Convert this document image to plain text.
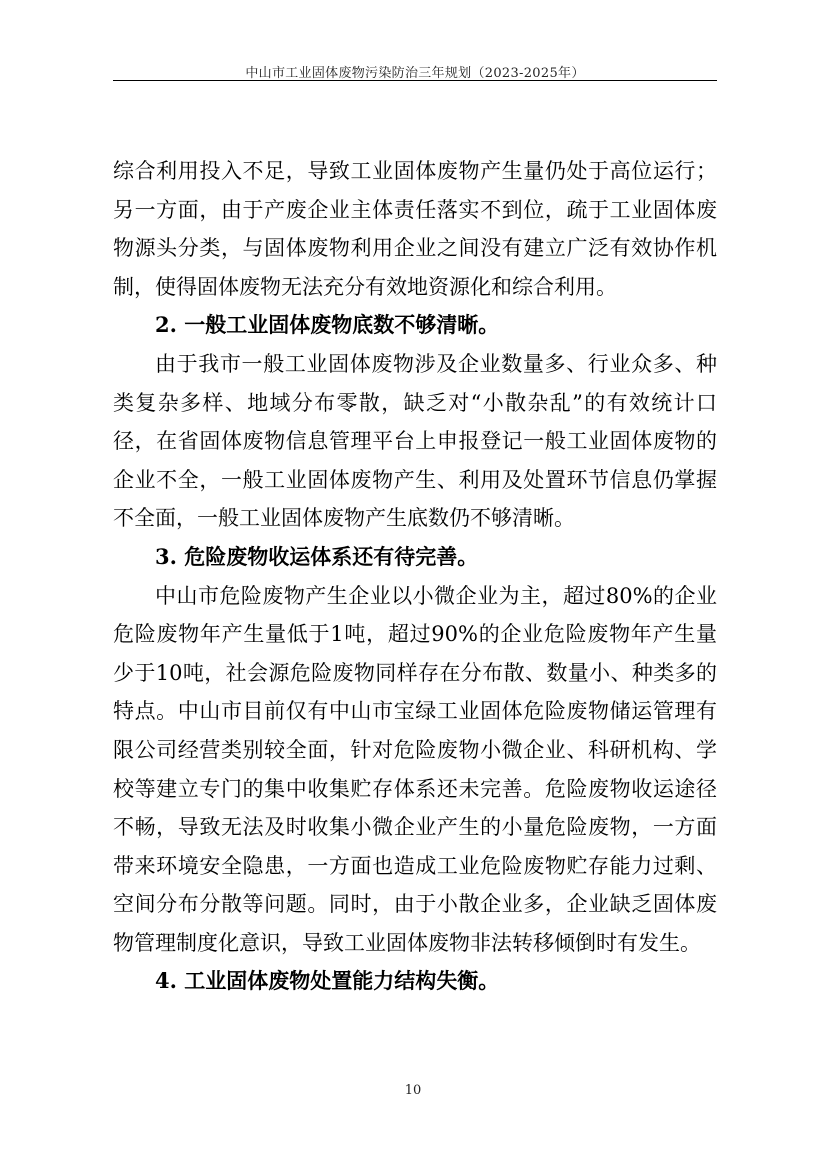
中山市工业固体废物污染防治三年规划（2023-2025年）

综合利用投入不足，导致工业固体废物产生量仍处于高位运行；另一方面，由于产废企业主体责任落实不到位，疏于工业固体废物源头分类，与固体废物利用企业之间没有建立广泛有效协作机制，使得固体废物无法充分有效地资源化和综合利用。

2. 一般工业固体废物底数不够清晰。

由于我市一般工业固体废物涉及企业数量多、行业众多、种类复杂多样、地域分布零散，缺乏对“小散杂乱”的有效统计口径，在省固体废物信息管理平台上申报登记一般工业固体废物的企业不全，一般工业固体废物产生、利用及处置环节信息仍掌握不全面，一般工业固体废物产生底数仍不够清晰。

3. 危险废物收运体系还有待完善。

中山市危险废物产生企业以小微企业为主，超过80%的企业危险废物年产生量低于1吨，超过90%的企业危险废物年产生量少于10吨，社会源危险废物同样存在分布散、数量小、种类多的特点。中山市目前仅有中山市宝绿工业固体危险废物储运管理有限公司经营类别较全面，针对危险废物小微企业、科研机构、学校等建立专门的集中收集贮存体系还未完善。危险废物收运途径不畅，导致无法及时收集小微企业产生的小量危险废物，一方面带来环境安全隐患，一方面也造成工业危险废物贮存能力过剩、空间分布分散等问题。同时，由于小散企业多，企业缺乏固体废物管理制度化意识，导致工业固体废物非法转移倾倒时有发生。

4. 工业固体废物处置能力结构失衡。
10
